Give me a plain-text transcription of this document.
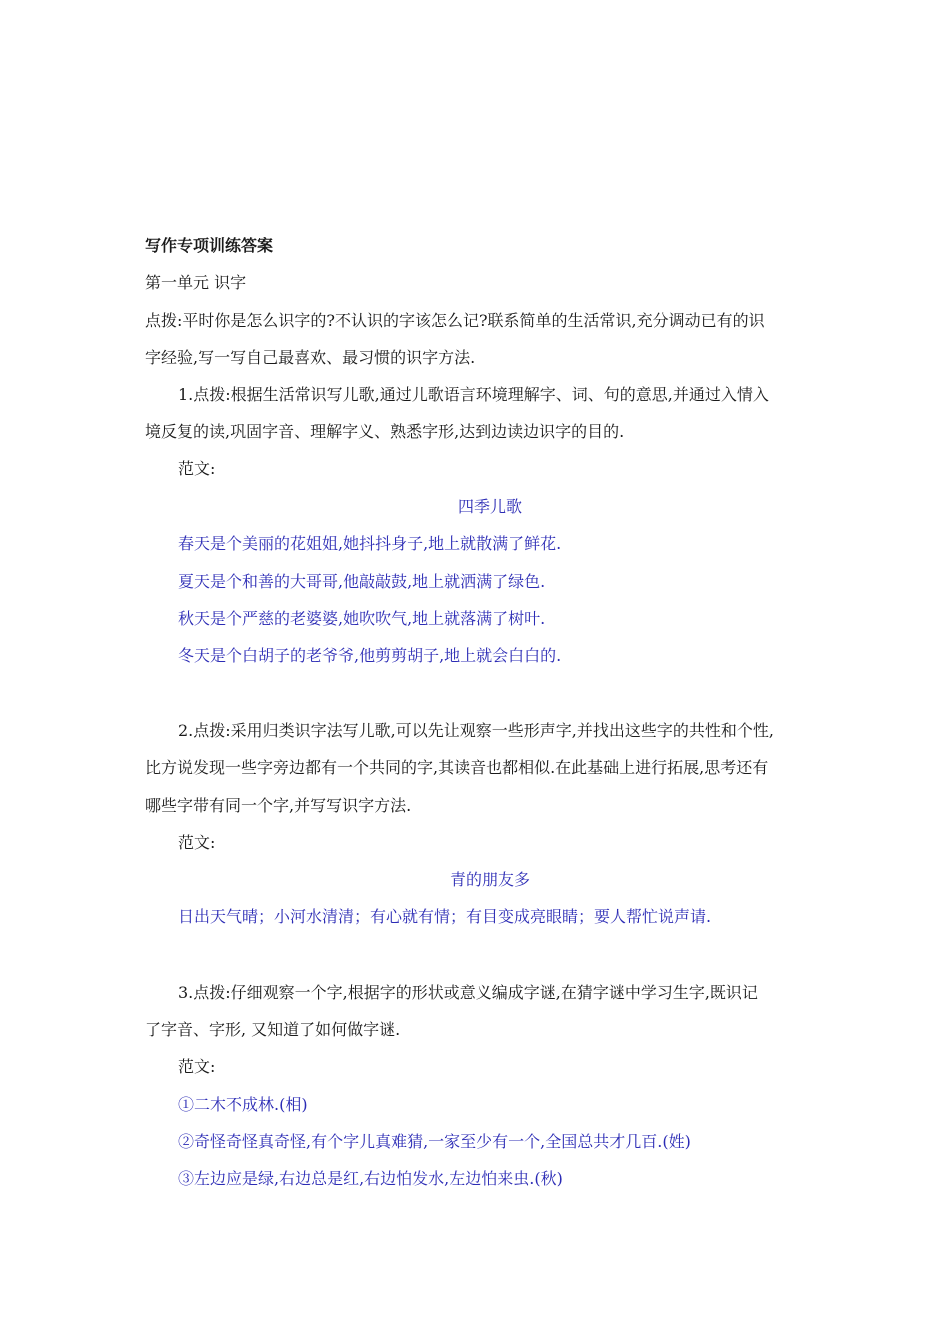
写作专项训练答案
第一单元 识字
点拨:平时你是怎么识字的?不认识的字该怎么记?联系简单的生活常识,充分调动已有的识
字经验,写一写自己最喜欢、最习惯的识字方法.
1.点拨:根据生活常识写儿歌,通过儿歌语言环境理解字、词、句的意思,并通过入情入
境反复的读,巩固字音、理解字义、熟悉字形,达到边读边识字的目的.
范文:
四季儿歌
春天是个美丽的花姐姐,她抖抖身子,地上就散满了鲜花.
夏天是个和善的大哥哥,他敲敲鼓,地上就洒满了绿色.
秋天是个严慈的老婆婆,她吹吹气,地上就落满了树叶.
冬天是个白胡子的老爷爷,他剪剪胡子,地上就会白白的.
2.点拨:采用归类识字法写儿歌,可以先让观察一些形声字,并找出这些字的共性和个性,
比方说发现一些字旁边都有一个共同的字,其读音也都相似.在此基础上进行拓展,思考还有
哪些字带有同一个字,并写写识字方法.
范文:
青的朋友多
日出天气晴；小河水清清；有心就有情；有目变成亮眼睛；要人帮忙说声请.
3.点拨:仔细观察一个字,根据字的形状或意义编成字谜,在猜字谜中学习生字,既识记
了字音、字形, 又知道了如何做字谜.
范文:
①二木不成林.(相)
②奇怪奇怪真奇怪,有个字儿真难猜,一家至少有一个,全国总共才几百.(姓)
③左边应是绿,右边总是红,右边怕发水,左边怕来虫.(秋)
